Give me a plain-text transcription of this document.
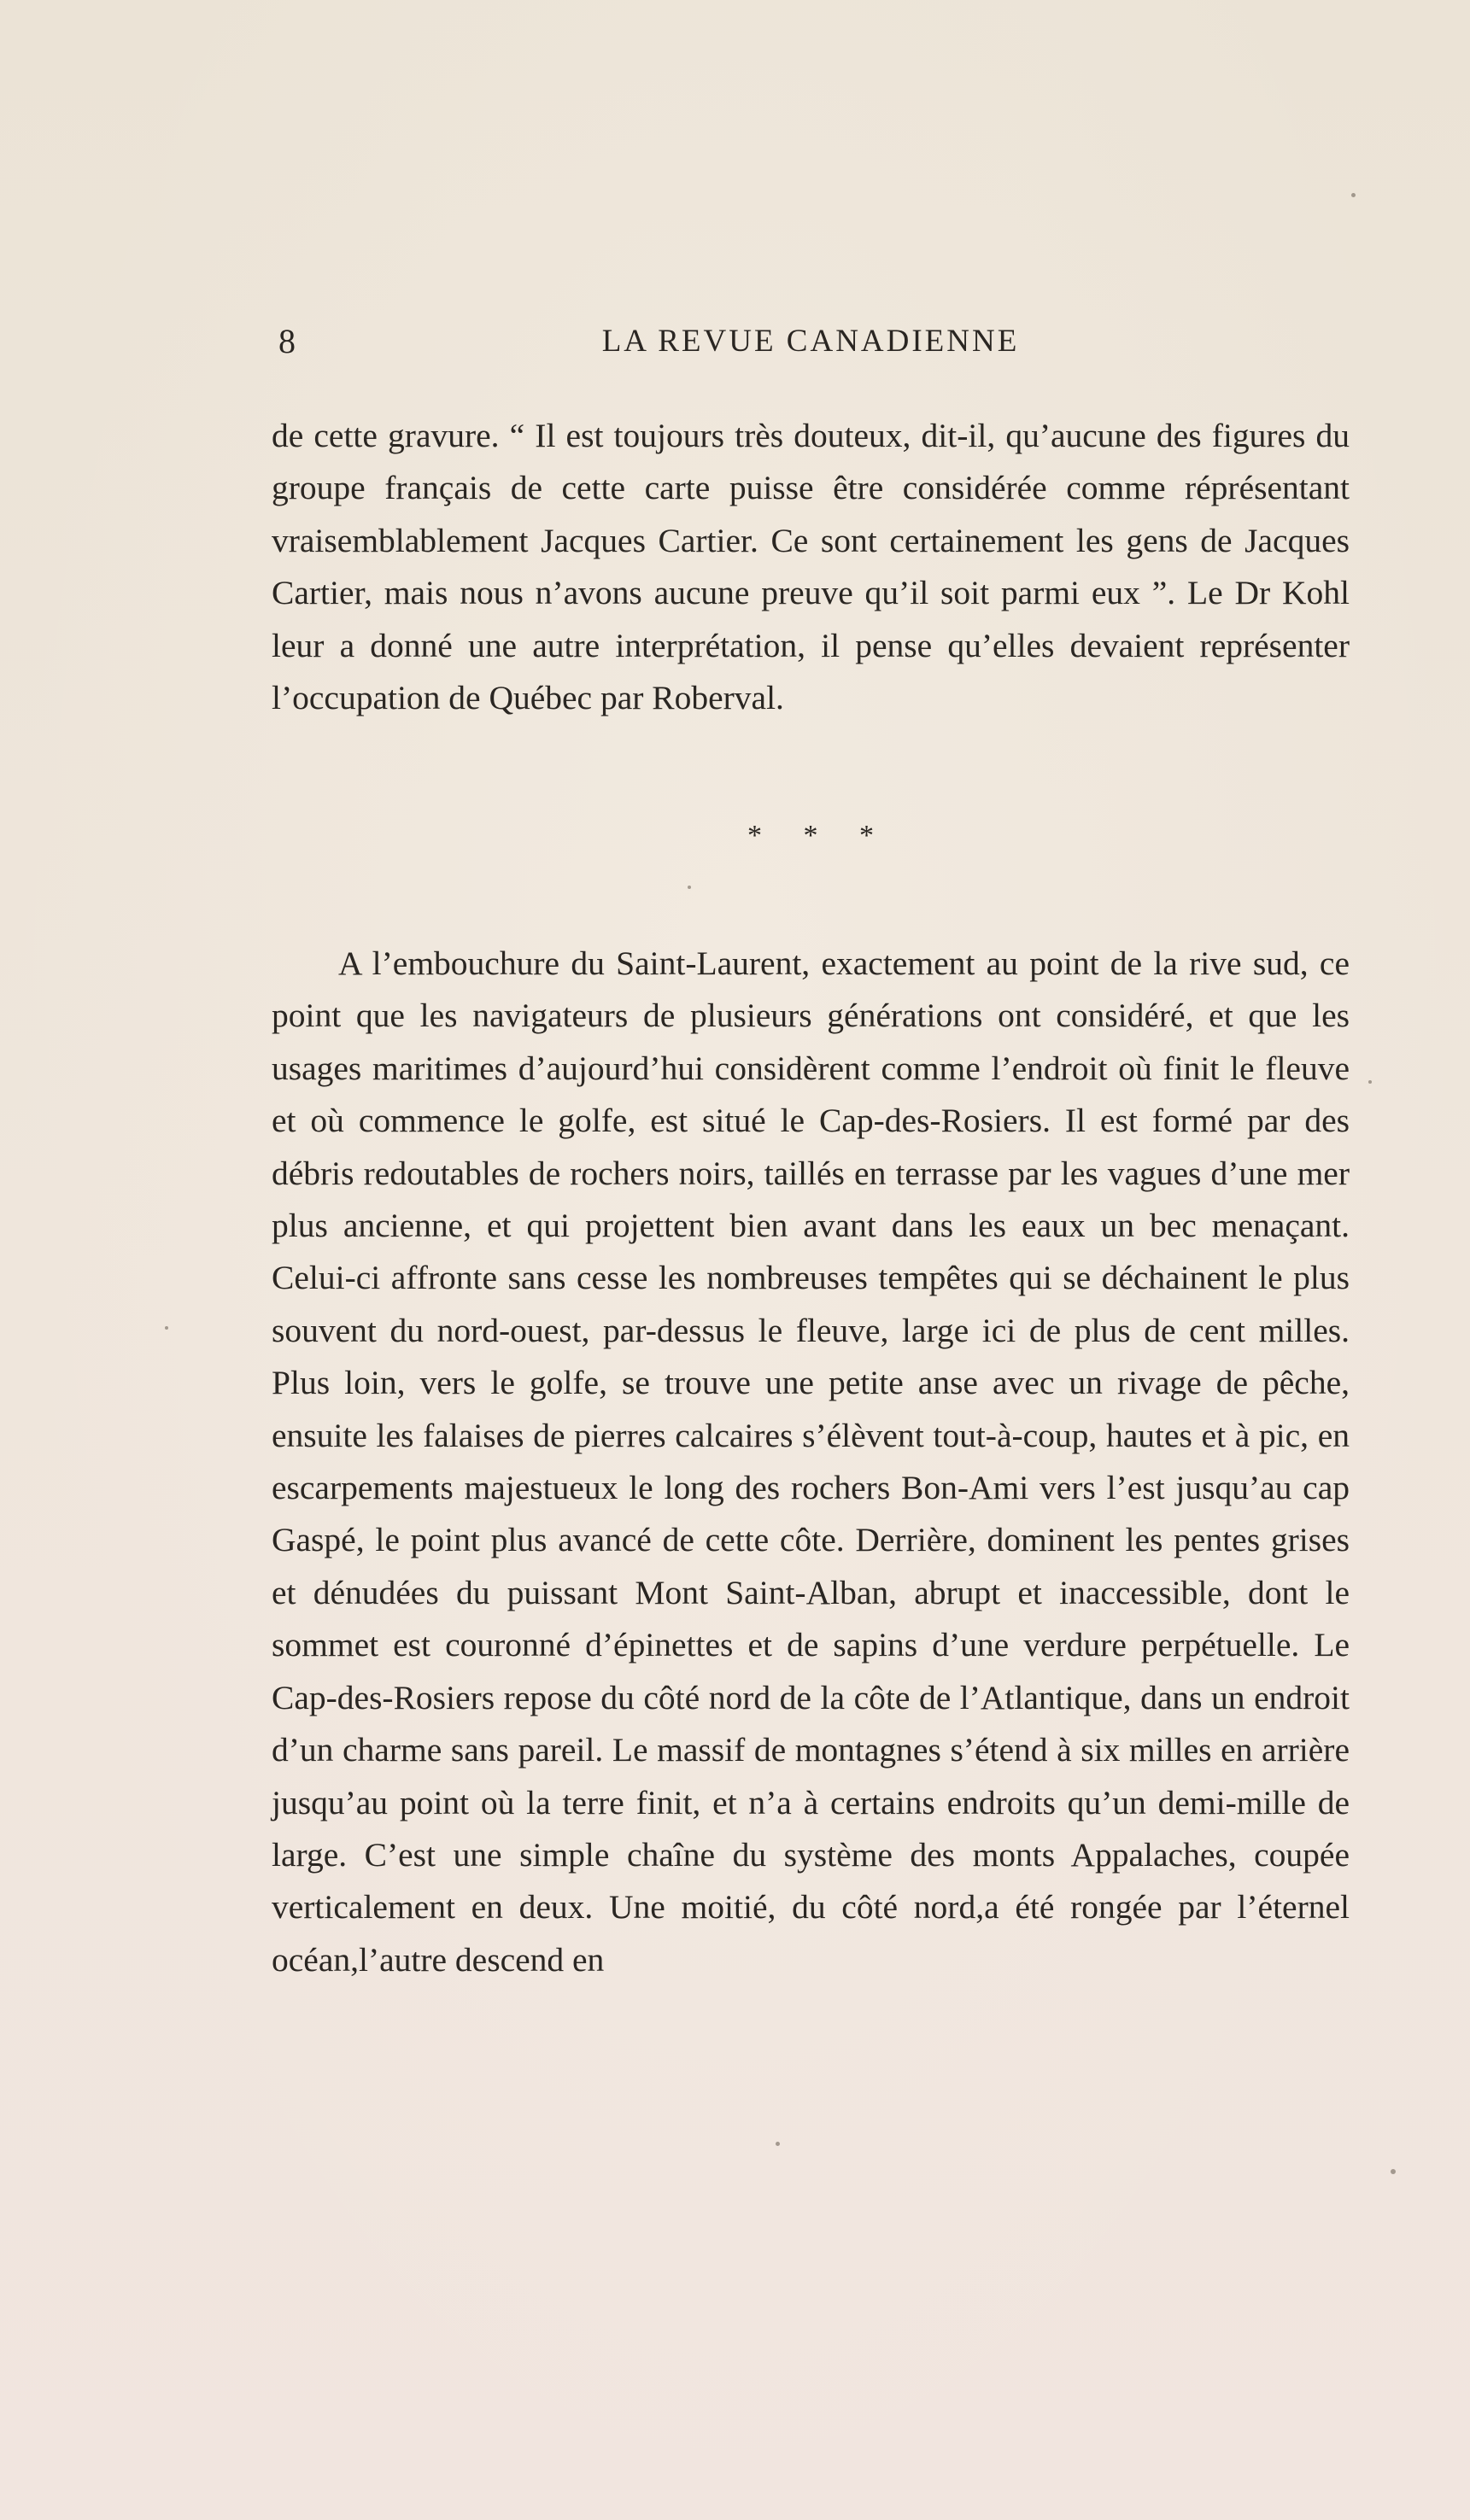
8	LA REVUE CANADIENNE

de cette gravure. “ Il est toujours très douteux, dit-il, qu’aucune des figures du groupe français de cette carte puisse être considérée comme réprésentant vraisemblablement Jacques Cartier. Ce sont certainement les gens de Jacques Cartier, mais nous n’avons aucune preuve qu’il soit parmi eux ”. Le Dr Kohl leur a donné une autre interprétation, il pense qu’elles devaient représenter l’occupation de Québec par Roberval.

* * *

A l’embouchure du Saint-Laurent, exactement au point de la rive sud, ce point que les navigateurs de plusieurs générations ont considéré, et que les usages maritimes d’aujourd’hui considèrent comme l’endroit où finit le fleuve et où commence le golfe, est situé le Cap-des-Rosiers. Il est formé par des débris redoutables de rochers noirs, taillés en terrasse par les vagues d’une mer plus ancienne, et qui projettent bien avant dans les eaux un bec menaçant. Celui-ci affronte sans cesse les nombreuses tempêtes qui se déchainent le plus souvent du nord-ouest, par-dessus le fleuve, large ici de plus de cent milles. Plus loin, vers le golfe, se trouve une petite anse avec un rivage de pêche, ensuite les falaises de pierres calcaires s’élèvent tout-à-coup, hautes et à pic, en escarpements majestueux le long des rochers Bon-Ami vers l’est jusqu’au cap Gaspé, le point plus avancé de cette côte. Derrière, dominent les pentes grises et dénudées du puissant Mont Saint-Alban, abrupt et inaccessible, dont le sommet est couronné d’épinettes et de sapins d’une verdure perpétuelle. Le Cap-des-Rosiers repose du côté nord de la côte de l’Atlantique, dans un endroit d’un charme sans pareil. Le massif de montagnes s’étend à six milles en arrière jusqu’au point où la terre finit, et n’a à certains endroits qu’un demi-mille de large. C’est une simple chaîne du système des monts Appalaches, coupée verticalement en deux. Une moitié, du côté nord,a été rongée par l’éternel océan,l’autre descend en
